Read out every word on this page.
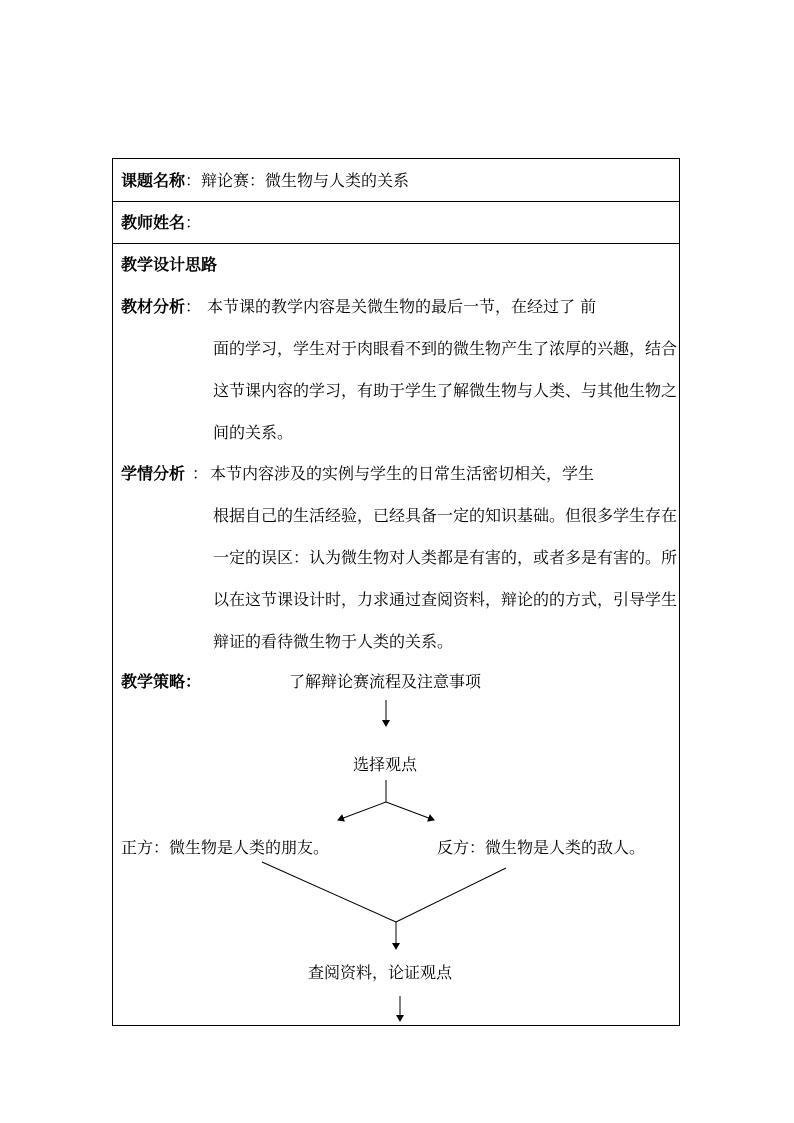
课题名称：辩论赛：微生物与人类的关系
教师姓名：
教学设计思路
教材分析： 本节课的教学内容是关微生物的最后一节，在经过了 前
面的学习，学生对于肉眼看不到的微生物产生了浓厚的兴趣，结合这节课内容的学习，有助于学生了解微生物与人类、与其他生物之间的关系。
学情分析 ： 本节内容涉及的实例与学生的日常生活密切相关，学生
根据自己的生活经验，已经具备一定的知识基础。但很多学生存在一定的误区：认为微生物对人类都是有害的，或者多是有害的。所以在这节课设计时，力求通过查阅资料，辩论的的方式，引导学生辩证的看待微生物于人类的关系。
教学策略：	了解辩论赛流程及注意事项
选择观点
正方：微生物是人类的朋友。	反方：微生物是人类的敌人。
查阅资料，论证观点
